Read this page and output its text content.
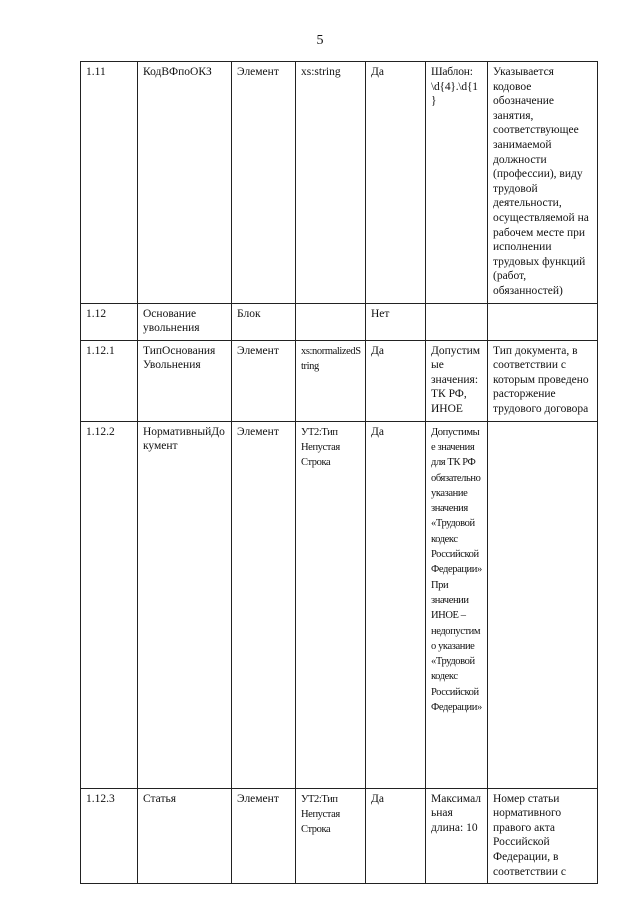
5
1.11	КодВФпоОКЗ	Элемент	xs:string	Да	Шаблон: \d{4}.\d{1}	Указывается кодовое обозначение занятия, соответствующее занимаемой должности (профессии), виду трудовой деятельности, осуществляемой на рабочем месте при исполнении трудовых функций (работ, обязанностей)
1.12	Основание увольнения	Блок		Нет		
1.12.1	ТипОснования Увольнения	Элемент	xs:normalizedString	Да	Допустимые значения: ТК РФ, ИНОЕ	Тип документа, в соответствии с которым проведено расторжение трудового договора
1.12.2	НормативныйДокумент	Элемент	УТ2:Тип Непустая Строка	Да	Допустимые значения для ТК РФ обязательно указание значения «Трудовой кодекс Российской Федерации» При значении ИНОЕ – недопустимо указание «Трудовой кодекс Российской Федерации»	
1.12.3	Статья	Элемент	УТ2:Тип Непустая Строка	Да	Максимальная длина: 10	Номер статьи нормативного правого акта Российской Федерации, в соответствии с
